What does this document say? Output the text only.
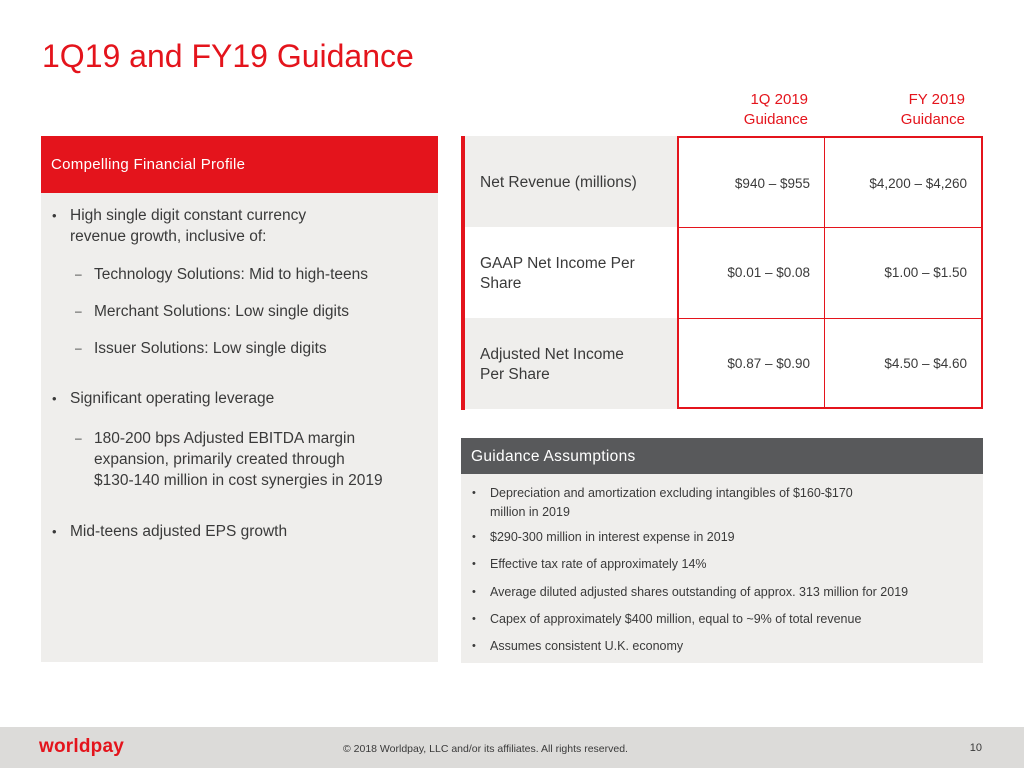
1Q19 and FY19 Guidance
1Q 2019
Guidance
FY 2019
Guidance
Compelling Financial Profile
• High single digit constant currency
revenue growth, inclusive of:
– Technology Solutions: Mid to high-teens
– Merchant Solutions: Low single digits
– Issuer Solutions: Low single digits
• Significant operating leverage
– 180-200 bps Adjusted EBITDA margin
expansion, primarily created through
$130-140 million in cost synergies in 2019
• Mid-teens adjusted EPS growth
Net Revenue (millions)	$940 – $955	$4,200 – $4,260
GAAP Net Income Per
Share
$0.01 – $0.08	$1.00 – $1.50
Adjusted Net Income
Per Share
$0.87 – $0.90	$4.50 – $4.60
Guidance Assumptions
• Depreciation and amortization excluding intangibles of $160-$170
million in 2019
• $290-300 million in interest expense in 2019
• Effective tax rate of approximately 14%
• Average diluted adjusted shares outstanding of approx. 313 million for 2019
• Capex of approximately $400 million, equal to ~9% of total revenue
• Assumes consistent U.K. economy
worldpay	© 2018 Worldpay, LLC and/or its affiliates. All rights reserved.	10
